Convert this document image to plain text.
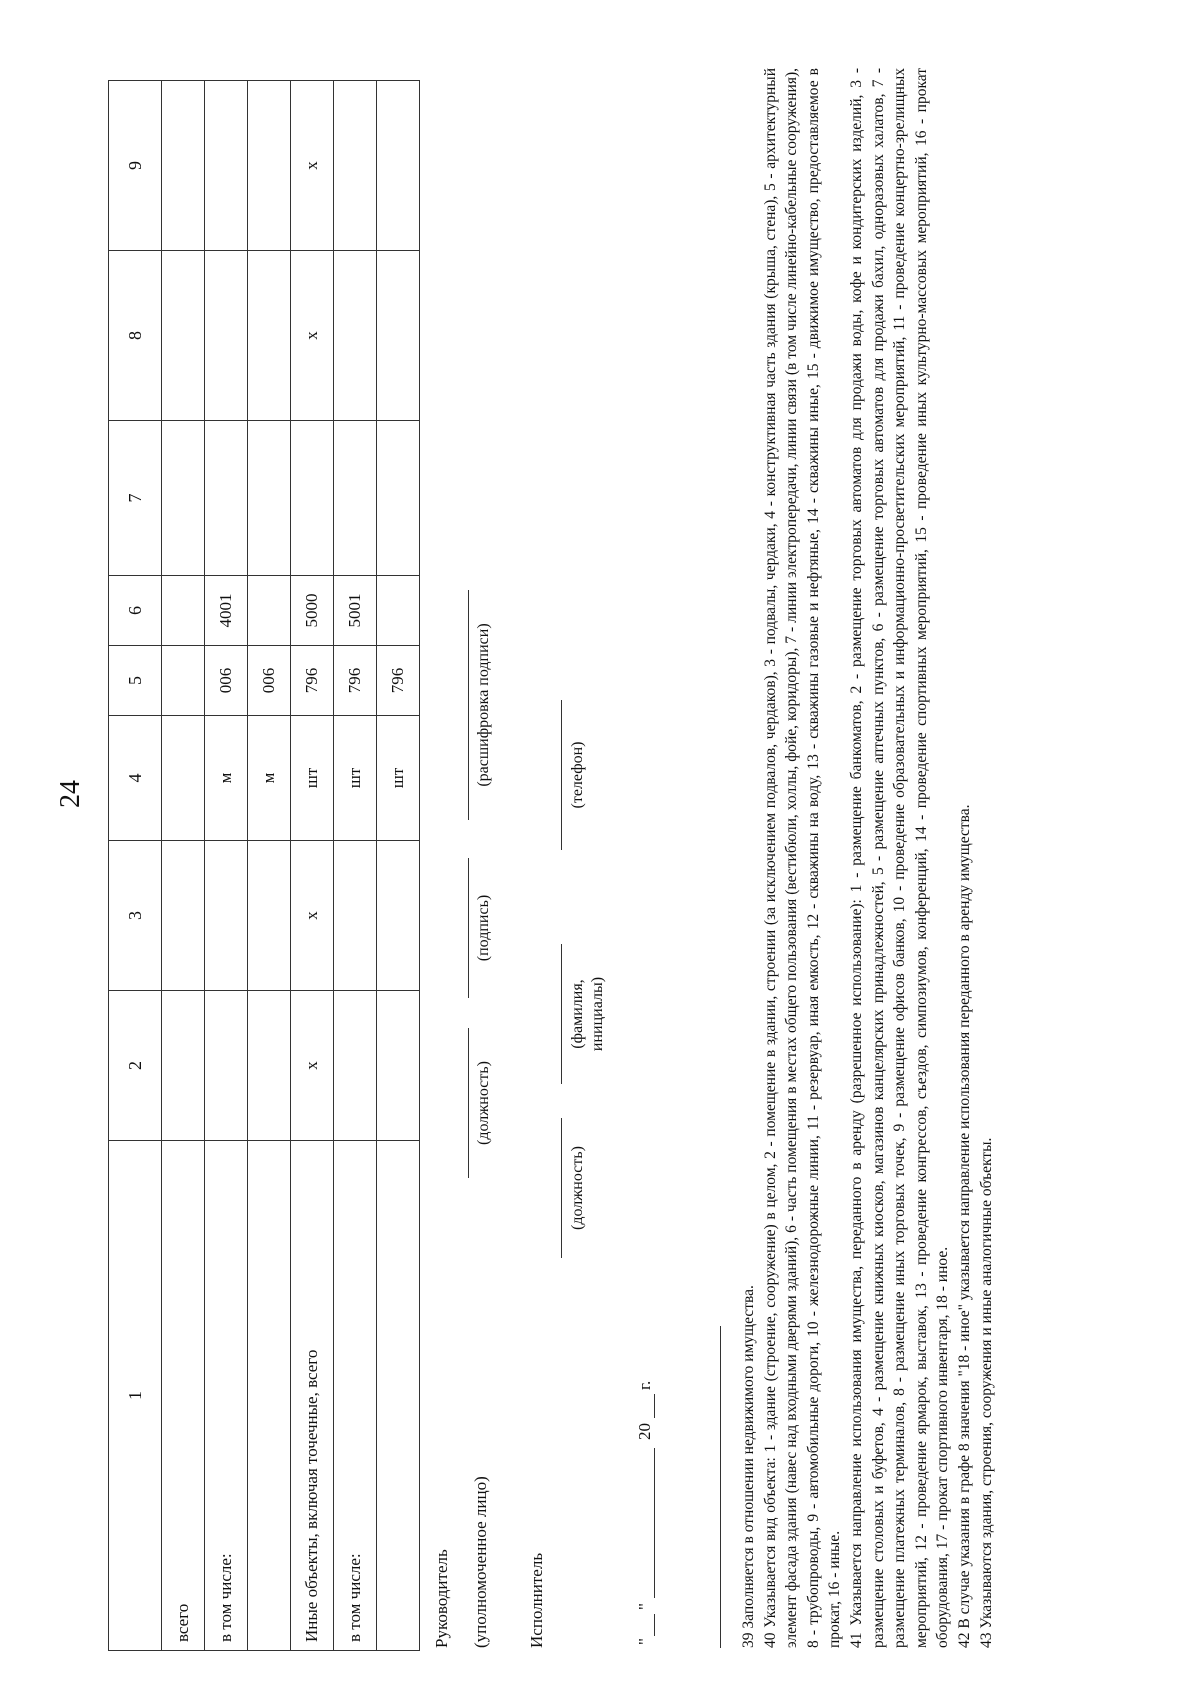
24
1	2	3	4	5	6	7	8	9
всего								
в том числе:			м	006	4001			
			м	006				
Иные объекты, включая точечные, всего	x	x	шт	796	5000		x	x
в том числе:			шт	796	5001			
			шт	796				
Руководитель (уполномоченное лицо)
(должность)
(подпись)
(расшифровка подписи)
Исполнитель
(должность)
(фамилия, инициалы)
(телефон)
"
"
20
г.	39 Заполняется в отношении недвижимого имущества. 40 Указывается вид объекта: 1 - здание (строение, сооружение) в целом, 2 - помещение в здании, строении (за исключением подвалов, чердаков), 3 - подвалы, чердаки, 4 - конструктивная часть здания (крыша, стена), 5 - архитектурный элемент фасада здания (навес над входными дверями зданий), 6 - часть помещения в местах общего пользования (вестибюли, холлы, фойе, коридоры), 7 - линии электропередачи, линии связи (в том числе линейно-кабельные сооружения), 8 - трубопроводы, 9 - автомобильные дороги, 10 - железнодорожные линии, 11 - резервуар, иная емкость, 12 - скважины на воду, 13 - скважины газовые и нефтяные, 14 - скважины иные, 15 - движимое имущество, предоставляемое в прокат, 16 - иные. 41 Указывается направление использования имущества, переданного в аренду (разрешенное использование): 1 - размещение банкоматов, 2 - размещение торговых автоматов для продажи воды, кофе и кондитерских изделий, 3 - размещение столовых и буфетов, 4 - размещение книжных киосков, магазинов канцелярских принадлежностей, 5 - размещение аптечных пунктов, 6 - размещение торговых автоматов для продажи бахил, одноразовых халатов, 7 - размещение платежных терминалов, 8 - размещение иных торговых точек, 9 - размещение офисов банков, 10 - проведение образовательных и информационно-просветительских мероприятий, 11 - проведение концертно-зрелищных мероприятий, 12 - проведение ярмарок, выставок, 13 - проведение конгрессов, съездов, симпозиумов, конференций, 14 - проведение спортивных мероприятий, 15 - проведение иных культурно-массовых мероприятий, 16 - прокат оборудования, 17 - прокат спортивного инвентаря, 18 - иное. 42 В случае указания в графе 8 значения "18 - иное" указывается направление использования переданного в аренду имущества. 43 Указываются здания, строения, сооружения и иные аналогичные объекты.
